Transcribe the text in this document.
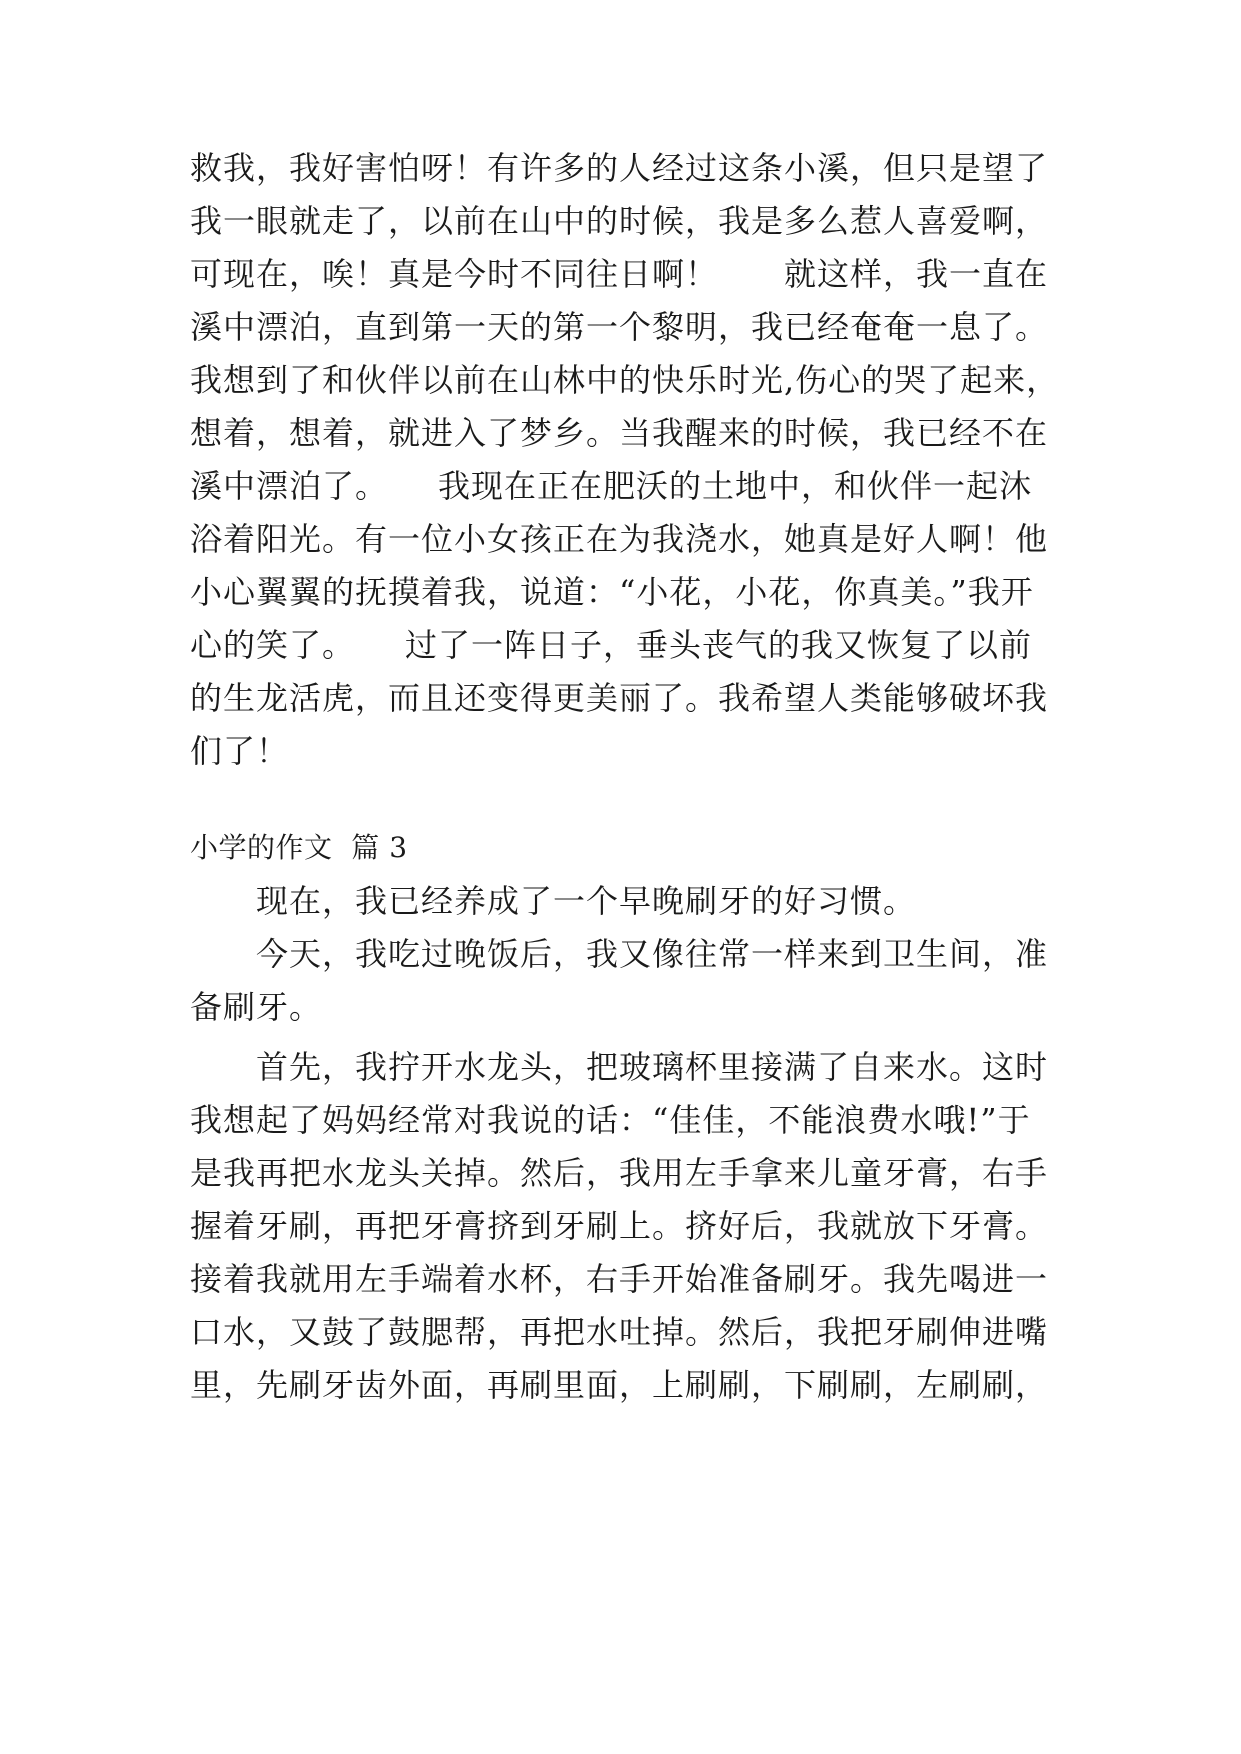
救我，我好害怕呀！有许多的人经过这条小溪，但只是望了
我一眼就走了，以前在山中的时候，我是多么惹人喜爱啊，
可现在，唉！真是今时不同往日啊！　　就这样，我一直在
溪中漂泊，直到第一天的第一个黎明，我已经奄奄一息了。
我想到了和伙伴以前在山林中的快乐时光,伤心的哭了起来，
想着，想着，就进入了梦乡。当我醒来的时候，我已经不在
溪中漂泊了。　　我现在正在肥沃的土地中，和伙伴一起沐
浴着阳光。有一位小女孩正在为我浇水，她真是好人啊！他
小心翼翼的抚摸着我，说道：“小花，小花，你真美。”我开
心的笑了。　　过了一阵日子，垂头丧气的我又恢复了以前
的生龙活虎，而且还变得更美丽了。我希望人类能够破坏我
们了！
小学的作文  篇 3
　　现在，我已经养成了一个早晚刷牙的好习惯。
　　今天，我吃过晚饭后，我又像往常一样来到卫生间，准
备刷牙。
　　首先，我拧开水龙头，把玻璃杯里接满了自来水。这时
我想起了妈妈经常对我说的话：“佳佳，不能浪费水哦!”于
是我再把水龙头关掉。然后，我用左手拿来儿童牙膏，右手
握着牙刷，再把牙膏挤到牙刷上。挤好后，我就放下牙膏。
接着我就用左手端着水杯，右手开始准备刷牙。我先喝进一
口水，又鼓了鼓腮帮，再把水吐掉。然后，我把牙刷伸进嘴
里，先刷牙齿外面，再刷里面，上刷刷，下刷刷，左刷刷，
